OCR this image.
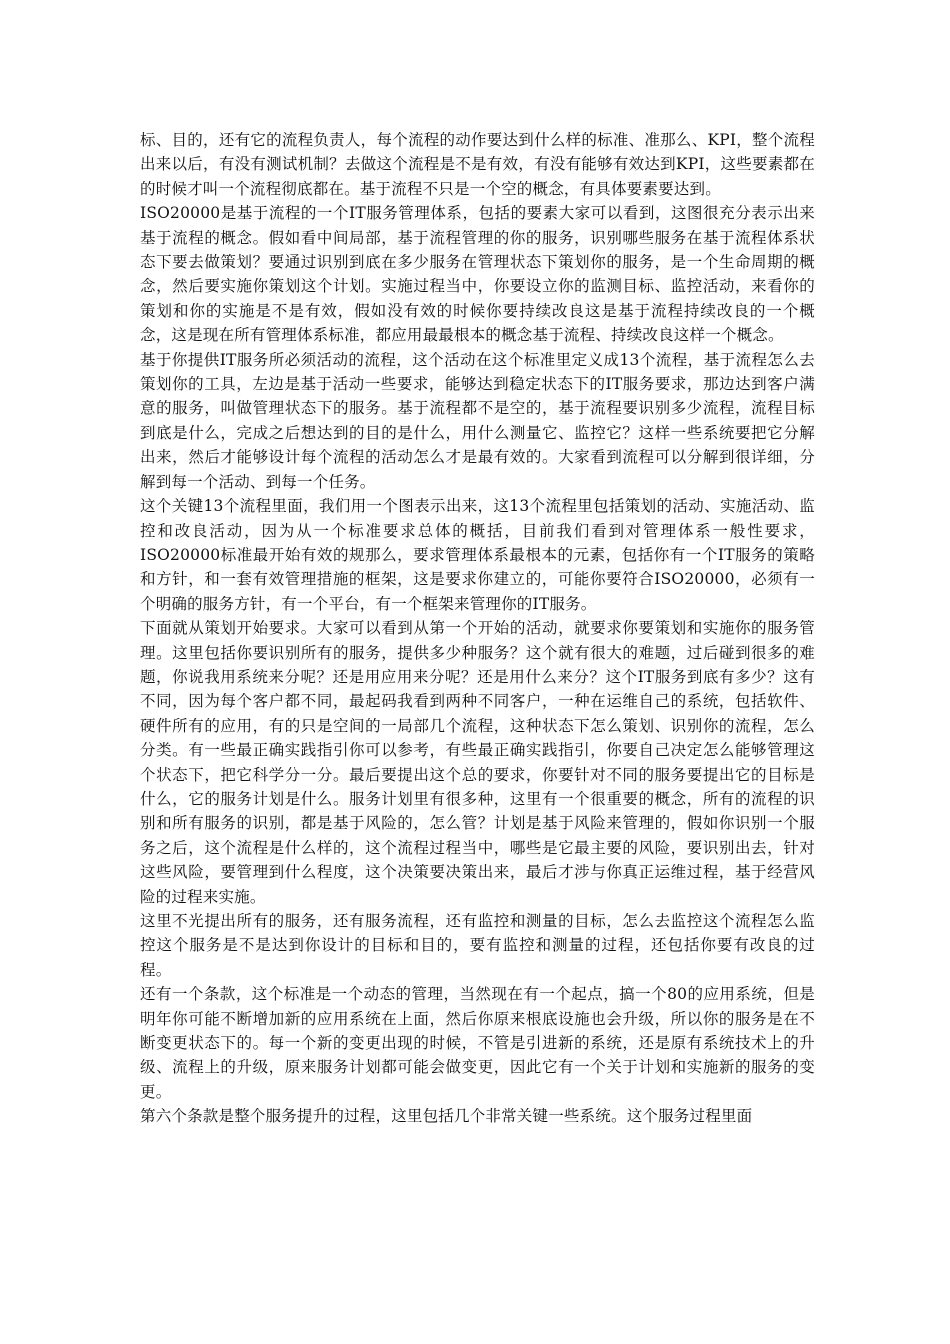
标、目的，还有它的流程负责人，每个流程的动作要达到什么样的标准、准那么、KPI，整个流程出来以后，有没有测试机制？去做这个流程是不是有效，有没有能够有效达到KPI，这些要素都在的时候才叫一个流程彻底都在。基于流程不只是一个空的概念，有具体要素要达到。

ISO20000是基于流程的一个IT服务管理体系，包括的要素大家可以看到，这图很充分表示出来基于流程的概念。假如看中间局部，基于流程管理的你的服务，识别哪些服务在基于流程体系状态下要去做策划？要通过识别到底在多少服务在管理状态下策划你的服务，是一个生命周期的概念，然后要实施你策划这个计划。实施过程当中，你要设立你的监测目标、监控活动，来看你的策划和你的实施是不是有效，假如没有效的时候你要持续改良这是基于流程持续改良的一个概念，这是现在所有管理体系标准，都应用最最根本的概念基于流程、持续改良这样一个概念。

基于你提供IT服务所必须活动的流程，这个活动在这个标准里定义成13个流程，基于流程怎么去策划你的工具，左边是基于活动一些要求，能够达到稳定状态下的IT服务要求，那边达到客户满意的服务，叫做管理状态下的服务。基于流程都不是空的，基于流程要识别多少流程，流程目标到底是什么，完成之后想达到的目的是什么，用什么测量它、监控它？这样一些系统要把它分解出来，然后才能够设计每个流程的活动怎么才是最有效的。大家看到流程可以分解到很详细，分解到每一个活动、到每一个任务。

这个关键13个流程里面，我们用一个图表示出来，这13个流程里包括策划的活动、实施活动、监控和改良活动，因为从一个标准要求总体的概括，目前我们看到对管理体系一般性要求，ISO20000标准最开始有效的规那么，要求管理体系最根本的元素，包括你有一个IT服务的策略和方针，和一套有效管理措施的框架，这是要求你建立的，可能你要符合ISO20000，必须有一个明确的服务方针，有一个平台，有一个框架来管理你的IT服务。

下面就从策划开始要求。大家可以看到从第一个开始的活动，就要求你要策划和实施你的服务管理。这里包括你要识别所有的服务，提供多少种服务？这个就有很大的难题，过后碰到很多的难题，你说我用系统来分呢？还是用应用来分呢？还是用什么来分？这个IT服务到底有多少？这有不同，因为每个客户都不同，最起码我看到两种不同客户，一种在运维自己的系统，包括软件、硬件所有的应用，有的只是空间的一局部几个流程，这种状态下怎么策划、识别你的流程，怎么分类。有一些最正确实践指引你可以参考，有些最正确实践指引，你要自己决定怎么能够管理这个状态下，把它科学分一分。最后要提出这个总的要求，你要针对不同的服务要提出它的目标是什么，它的服务计划是什么。服务计划里有很多种，这里有一个很重要的概念，所有的流程的识别和所有服务的识别，都是基于风险的，怎么管？计划是基于风险来管理的，假如你识别一个服务之后，这个流程是什么样的，这个流程过程当中，哪些是它最主要的风险，要识别出去，针对这些风险，要管理到什么程度，这个决策要决策出来，最后才涉与你真正运维过程，基于经营风险的过程来实施。

这里不光提出所有的服务，还有服务流程，还有监控和测量的目标，怎么去监控这个流程怎么监控这个服务是不是达到你设计的目标和目的，要有监控和测量的过程，还包括你要有改良的过程。

还有一个条款，这个标准是一个动态的管理，当然现在有一个起点，搞一个80的应用系统，但是明年你可能不断增加新的应用系统在上面，然后你原来根底设施也会升级，所以你的服务是在不断变更状态下的。每一个新的变更出现的时候，不管是引进新的系统，还是原有系统技术上的升级、流程上的升级，原来服务计划都可能会做变更，因此它有一个关于计划和实施新的服务的变更。

第六个条款是整个服务提升的过程，这里包括几个非常关键一些系统。这个服务过程里面
